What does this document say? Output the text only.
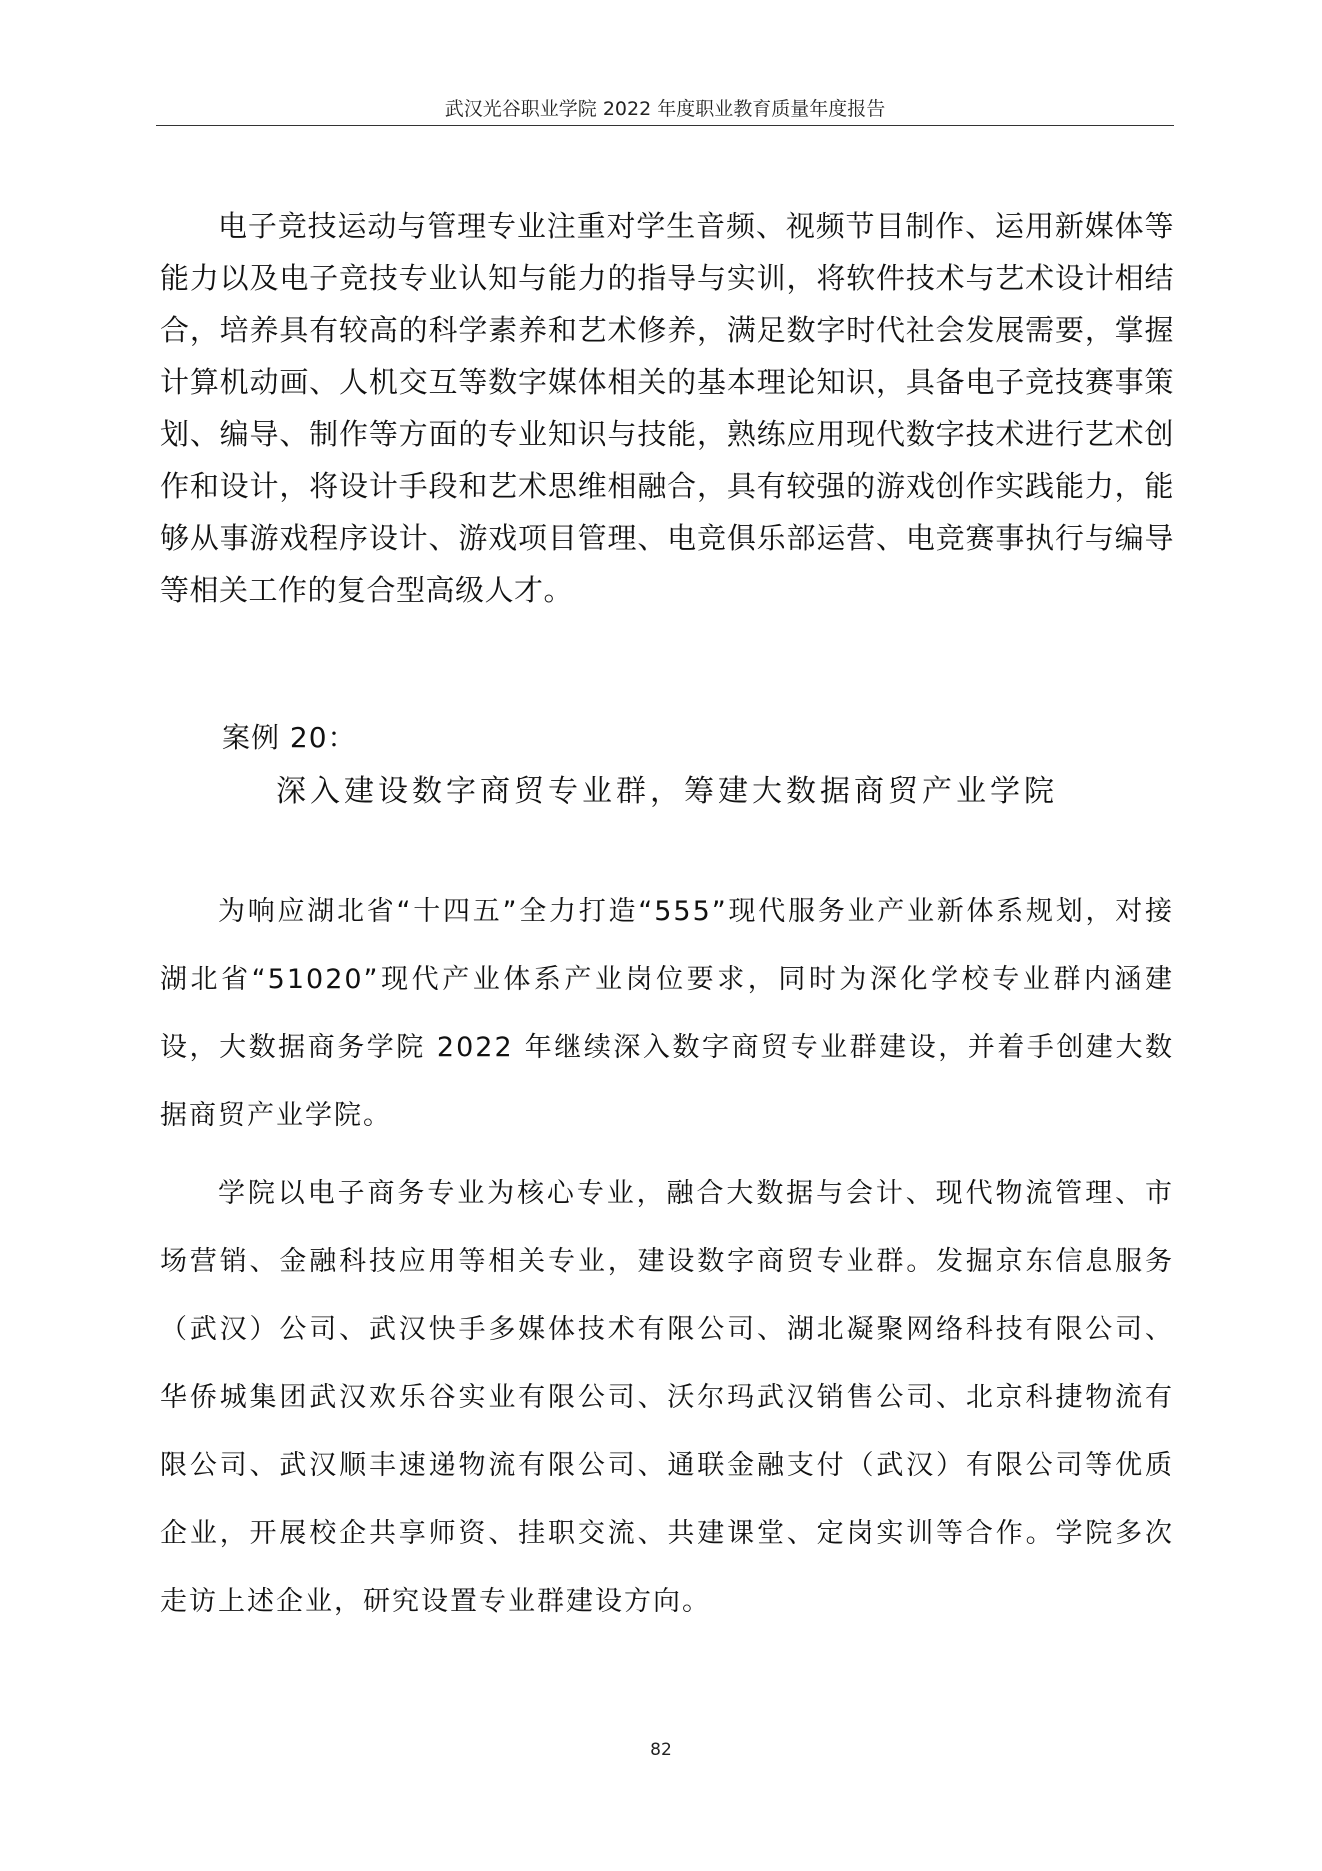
武汉光谷职业学院 2022 年度职业教育质量年度报告
电子竞技运动与管理专业注重对学生音频、视频节目制作、运用新媒体等能力以及电子竞技专业认知与能力的指导与实训，将软件技术与艺术设计相结合，培养具有较高的科学素养和艺术修养，满足数字时代社会发展需要，掌握计算机动画、人机交互等数字媒体相关的基本理论知识，具备电子竞技赛事策划、编导、制作等方面的专业知识与技能，熟练应用现代数字技术进行艺术创作和设计，将设计手段和艺术思维相融合，具有较强的游戏创作实践能力，能够从事游戏程序设计、游戏项目管理、电竞俱乐部运营、电竞赛事执行与编导等相关工作的复合型高级人才。
案例 20：
深入建设数字商贸专业群，筹建大数据商贸产业学院
为响应湖北省“十四五”全力打造“555”现代服务业产业新体系规划，对接湖北省“51020”现代产业体系产业岗位要求，同时为深化学校专业群内涵建设，大数据商务学院 2022 年继续深入数字商贸专业群建设，并着手创建大数据商贸产业学院。
学院以电子商务专业为核心专业，融合大数据与会计、现代物流管理、市场营销、金融科技应用等相关专业，建设数字商贸专业群。发掘京东信息服务（武汉）公司、武汉快手多媒体技术有限公司、湖北凝聚网络科技有限公司、华侨城集团武汉欢乐谷实业有限公司、沃尔玛武汉销售公司、北京科捷物流有限公司、武汉顺丰速递物流有限公司、通联金融支付（武汉）有限公司等优质企业，开展校企共享师资、挂职交流、共建课堂、定岗实训等合作。学院多次走访上述企业，研究设置专业群建设方向。
82
